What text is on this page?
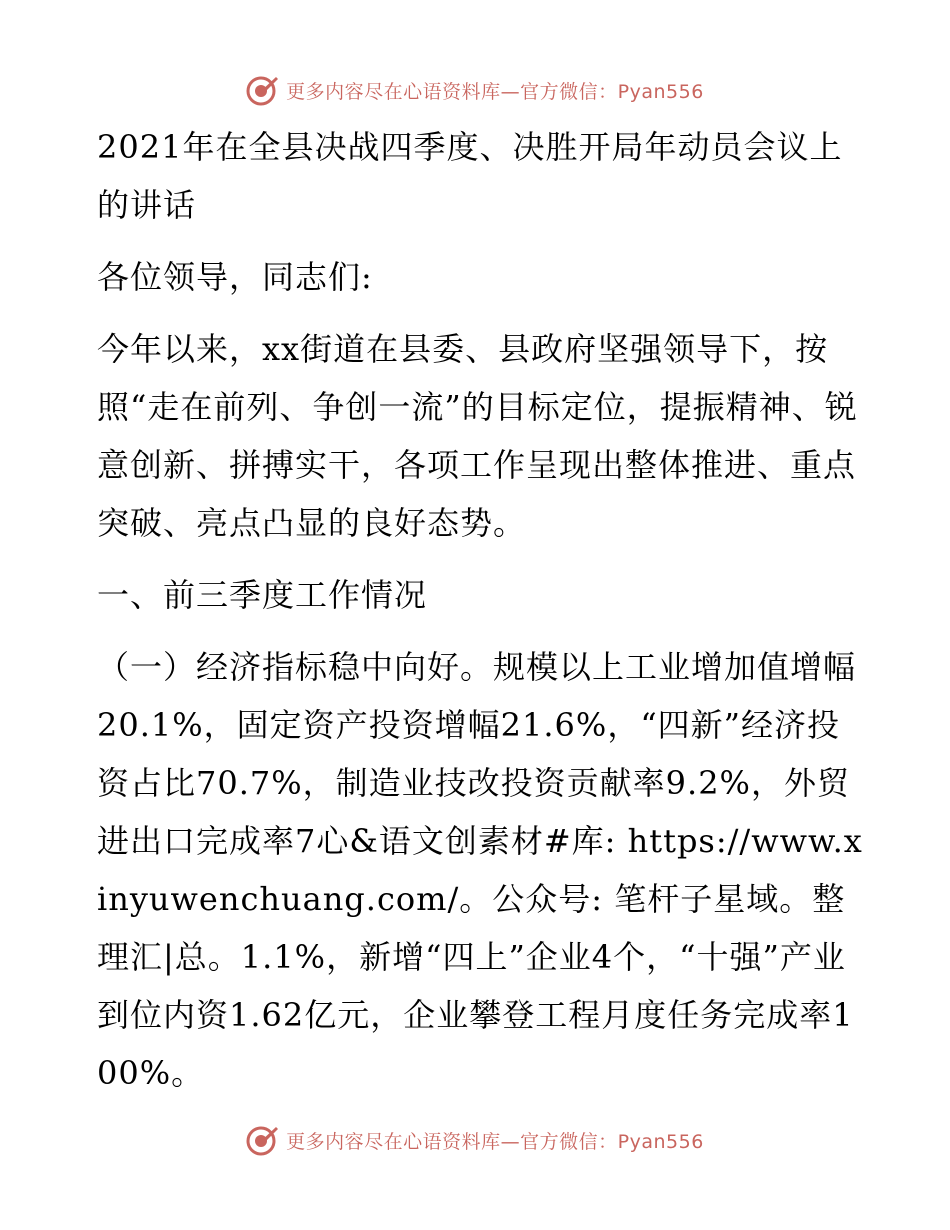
更多内容尽在心语资料库—官方微信：Pyan556

2021年在全县决战四季度、决胜开局年动员会议上的讲话

各位领导，同志们:

今年以来，xx街道在县委、县政府坚强领导下，按照“走在前列、争创一流”的目标定位，提振精神、锐意创新、拼搏实干，各项工作呈现出整体推进、重点突破、亮点凸显的良好态势。

一、前三季度工作情况

（一）经济指标稳中向好。规模以上工业增加值增幅20.1%，固定资产投资增幅21.6%，“四新”经济投资占比70.7%，制造业技改投资贡献率9.2%，外贸进出口完成率7心&语文创素材#库: https://www.xinyuwenchuang.com/。公众号: 笔杆子星域。整理汇|总。1.1%，新增“四上”企业4个，“十强”产业到位内资1.62亿元，企业攀登工程月度任务完成率100%。

更多内容尽在心语资料库—官方微信：Pyan556
